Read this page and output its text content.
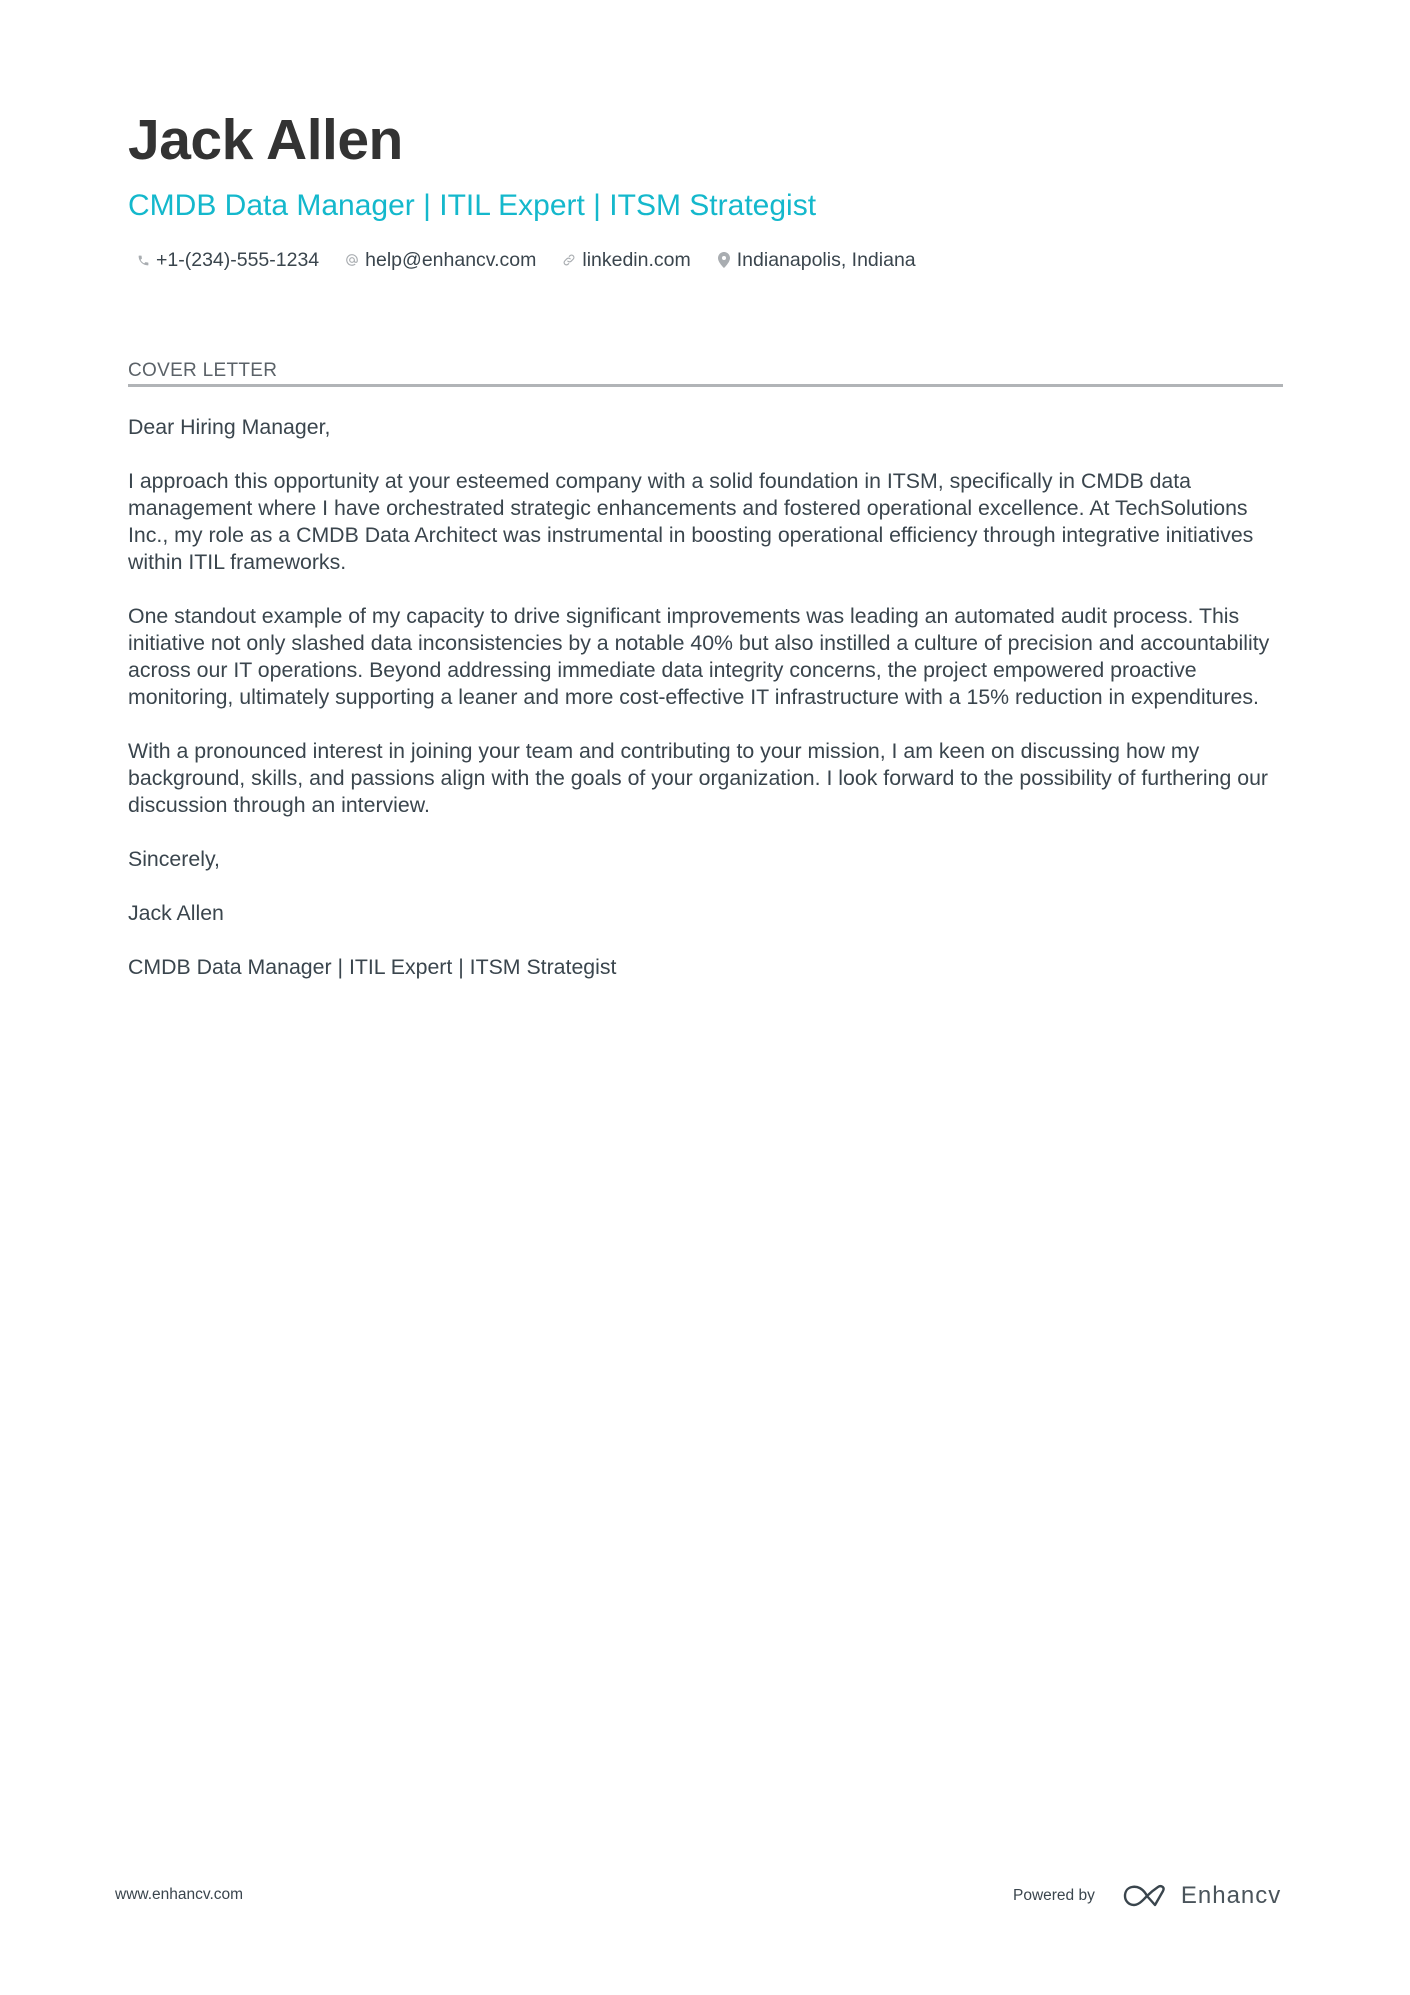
Jack Allen
CMDB Data Manager | ITIL Expert | ITSM Strategist
+1-(234)-555-1234 help@enhancv.com linkedin.com Indianapolis, Indiana
COVER LETTER

Dear Hiring Manager,

I approach this opportunity at your esteemed company with a solid foundation in ITSM, specifically in CMDB data management where I have orchestrated strategic enhancements and fostered operational excellence. At TechSolutions Inc., my role as a CMDB Data Architect was instrumental in boosting operational efficiency through integrative initiatives within ITIL frameworks.

One standout example of my capacity to drive significant improvements was leading an automated audit process. This initiative not only slashed data inconsistencies by a notable 40% but also instilled a culture of precision and accountability across our IT operations. Beyond addressing immediate data integrity concerns, the project empowered proactive monitoring, ultimately supporting a leaner and more cost-effective IT infrastructure with a 15% reduction in expenditures.

With a pronounced interest in joining your team and contributing to your mission, I am keen on discussing how my background, skills, and passions align with the goals of your organization. I look forward to the possibility of furthering our discussion through an interview.

Sincerely,

Jack Allen

CMDB Data Manager | ITIL Expert | ITSM Strategist

www.enhancv.com	Powered by	Enhancv
